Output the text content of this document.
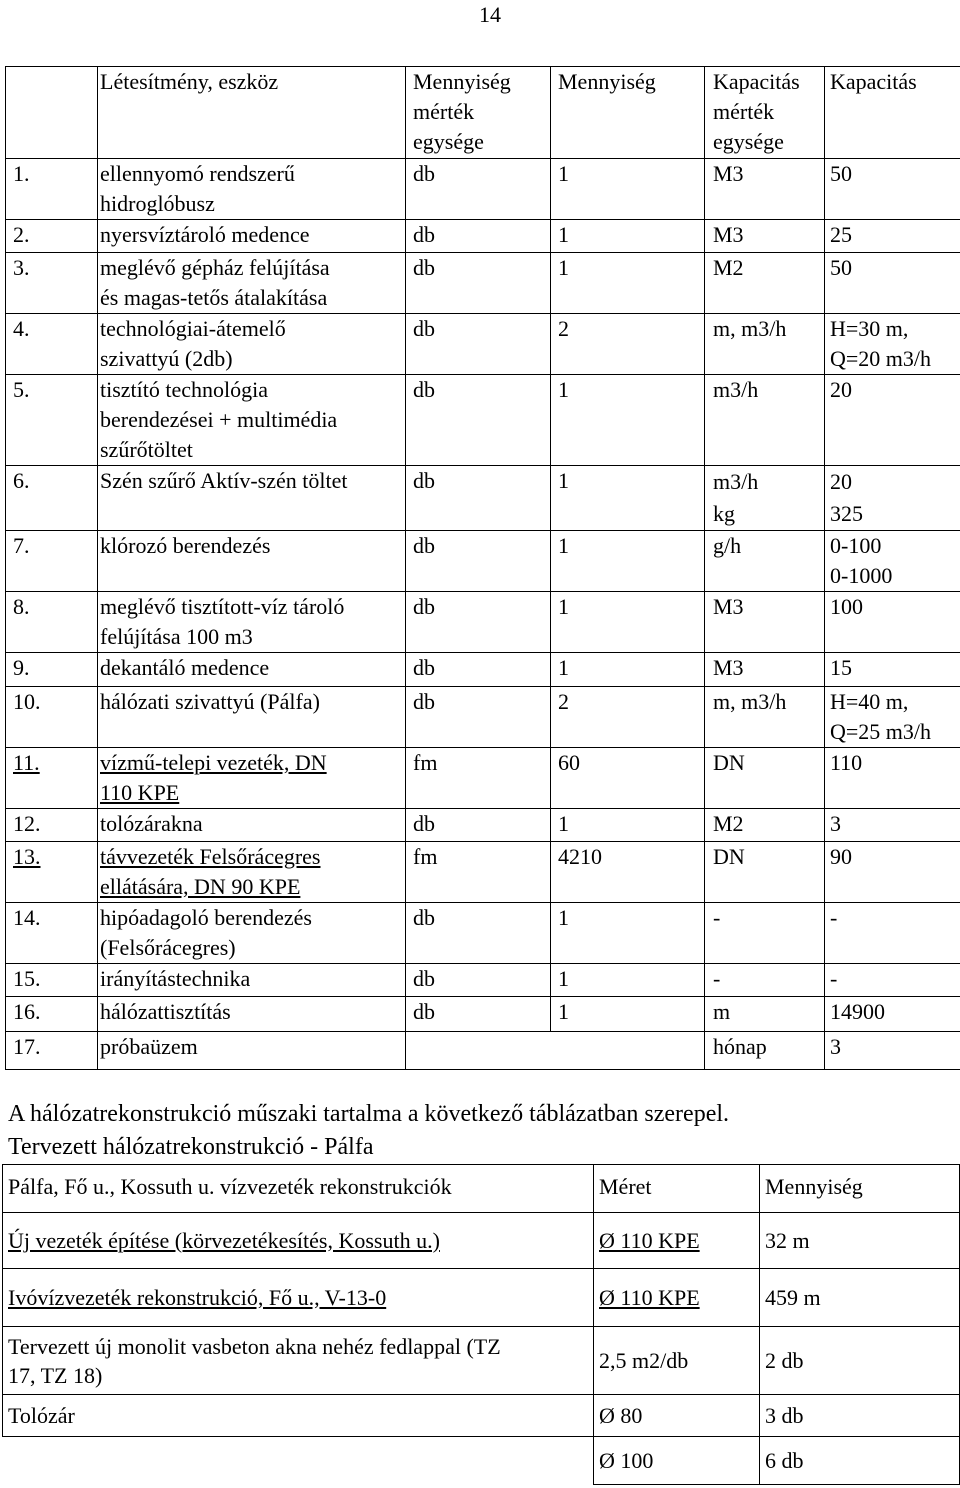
14
	Létesítmény, eszköz	Mennyiség
mérték
egysége	Mennyiség	Kapacitás
mérték
egysége	Kapacitás
1.	ellennyomó rendszerű
hidroglóbusz	db	1	M3	50
2.	nyersvíztároló medence	db	1	M3	25
3.	meglévő gépház felújítása
és magas-tetős átalakítása	db	1	M2	50
4.	technológiai-átemelő
szivattyú (2db)	db	2	m, m3/h	H=30 m,
Q=20 m3/h
5.	tisztító technológia
berendezései + multimédia
szűrőtöltet	db	1	m3/h	20
6.	Szén szűrő Aktív-szén töltet	db	1	m3/h
kg	20
325
7.	klórozó berendezés	db	1	g/h	0-100
0-1000
8.	meglévő tisztított-víz tároló
felújítása 100 m3	db	1	M3	100
9.	dekantáló medence	db	1	M3	15
10.	hálózati szivattyú (Pálfa)	db	2	m, m3/h	H=40 m,
Q=25 m3/h
11.	vízmű-telepi vezeték, DN
110 KPE	fm	60	DN	110
12.	tolózárakna	db	1	M2	3
13.	távvezeték Felsőrácegres
ellátására, DN 90 KPE	fm	4210	DN	90
14.	hipóadagoló berendezés
(Felsőrácegres)	db	1	-	-
15.	irányítástechnika	db	1	-	-
16.	hálózattisztítás	db	1	m	14900
17.	próbaüzem			hónap	3
A hálózatrekonstrukció műszaki tartalma a következő táblázatban szerepel.
Tervezett hálózatrekonstrukció - Pálfa
Pálfa, Fő u., Kossuth u. vízvezeték rekonstrukciók	Méret	Mennyiség
Új vezeték építése (körvezetékesítés, Kossuth u.)	Ø 110 KPE	32 m
Ivóvízvezeték rekonstrukció, Fő u., V-13-0	Ø 110 KPE	459 m
Tervezett új monolit vasbeton akna nehéz fedlappal (TZ
17, TZ 18)	2,5 m2/db	2 db
Tolózár	Ø 80	3 db
	Ø 100	6 db
